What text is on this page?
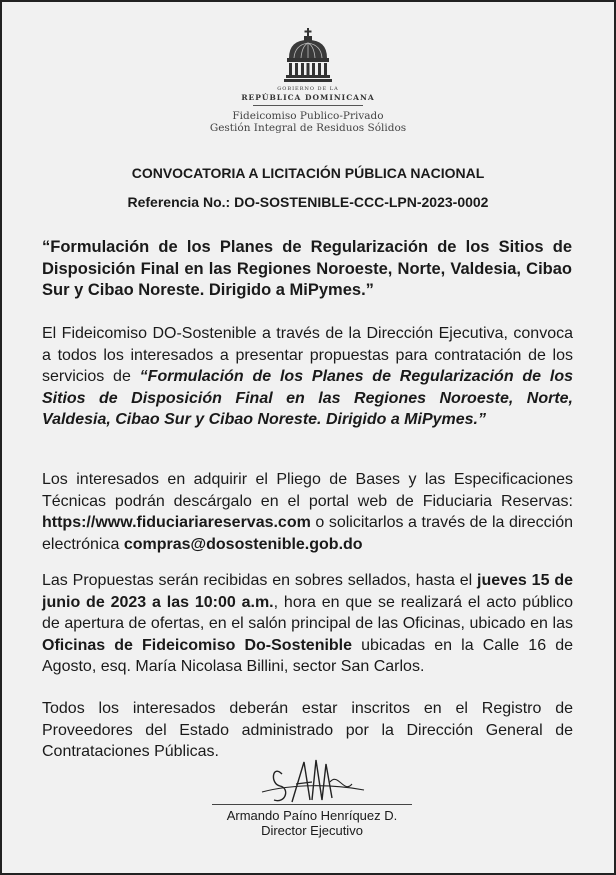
GOBIERNO DE LA
REPÚBLICA DOMINICANA
Fideicomiso Publico-Privado
Gestión Integral de Residuos Sólidos
CONVOCATORIA A LICITACIÓN PÚBLICA NACIONAL
Referencia No.: DO-SOSTENIBLE-CCC-LPN-2023-0002
“Formulación de los Planes de Regularización de los Sitios de Disposición Final en las Regiones Noroeste, Norte, Valdesia, Cibao Sur y Cibao Noreste. Dirigido a MiPymes.”
El Fideicomiso DO-Sostenible a través de la Dirección Ejecutiva, convoca a todos los interesados a presentar propuestas para contratación de los servicios de “Formulación de los Planes de Regularización de los Sitios de Disposición Final en las Regiones Noroeste, Norte, Valdesia, Cibao Sur y Cibao Noreste. Dirigido a MiPymes.”
Los interesados en adquirir el Pliego de Bases y las Especificaciones Técnicas podrán descárgalo en el portal web de Fiduciaria Reservas: https://www.fiduciariareservas.com o solicitarlos a través de la dirección electrónica compras@dosostenible.gob.do
Las Propuestas serán recibidas en sobres sellados, hasta el jueves 15 de junio de 2023 a las 10:00 a.m., hora en que se realizará el acto público de apertura de ofertas, en el salón principal de las Oficinas, ubicado en las Oficinas de Fideicomiso Do-Sostenible ubicadas en la Calle 16 de Agosto, esq. María Nicolasa Billini, sector San Carlos.
Todos los interesados deberán estar inscritos en el Registro de Proveedores del Estado administrado por la Dirección General de Contrataciones Públicas.
Armando Paíno Henríquez D.
Director Ejecutivo
